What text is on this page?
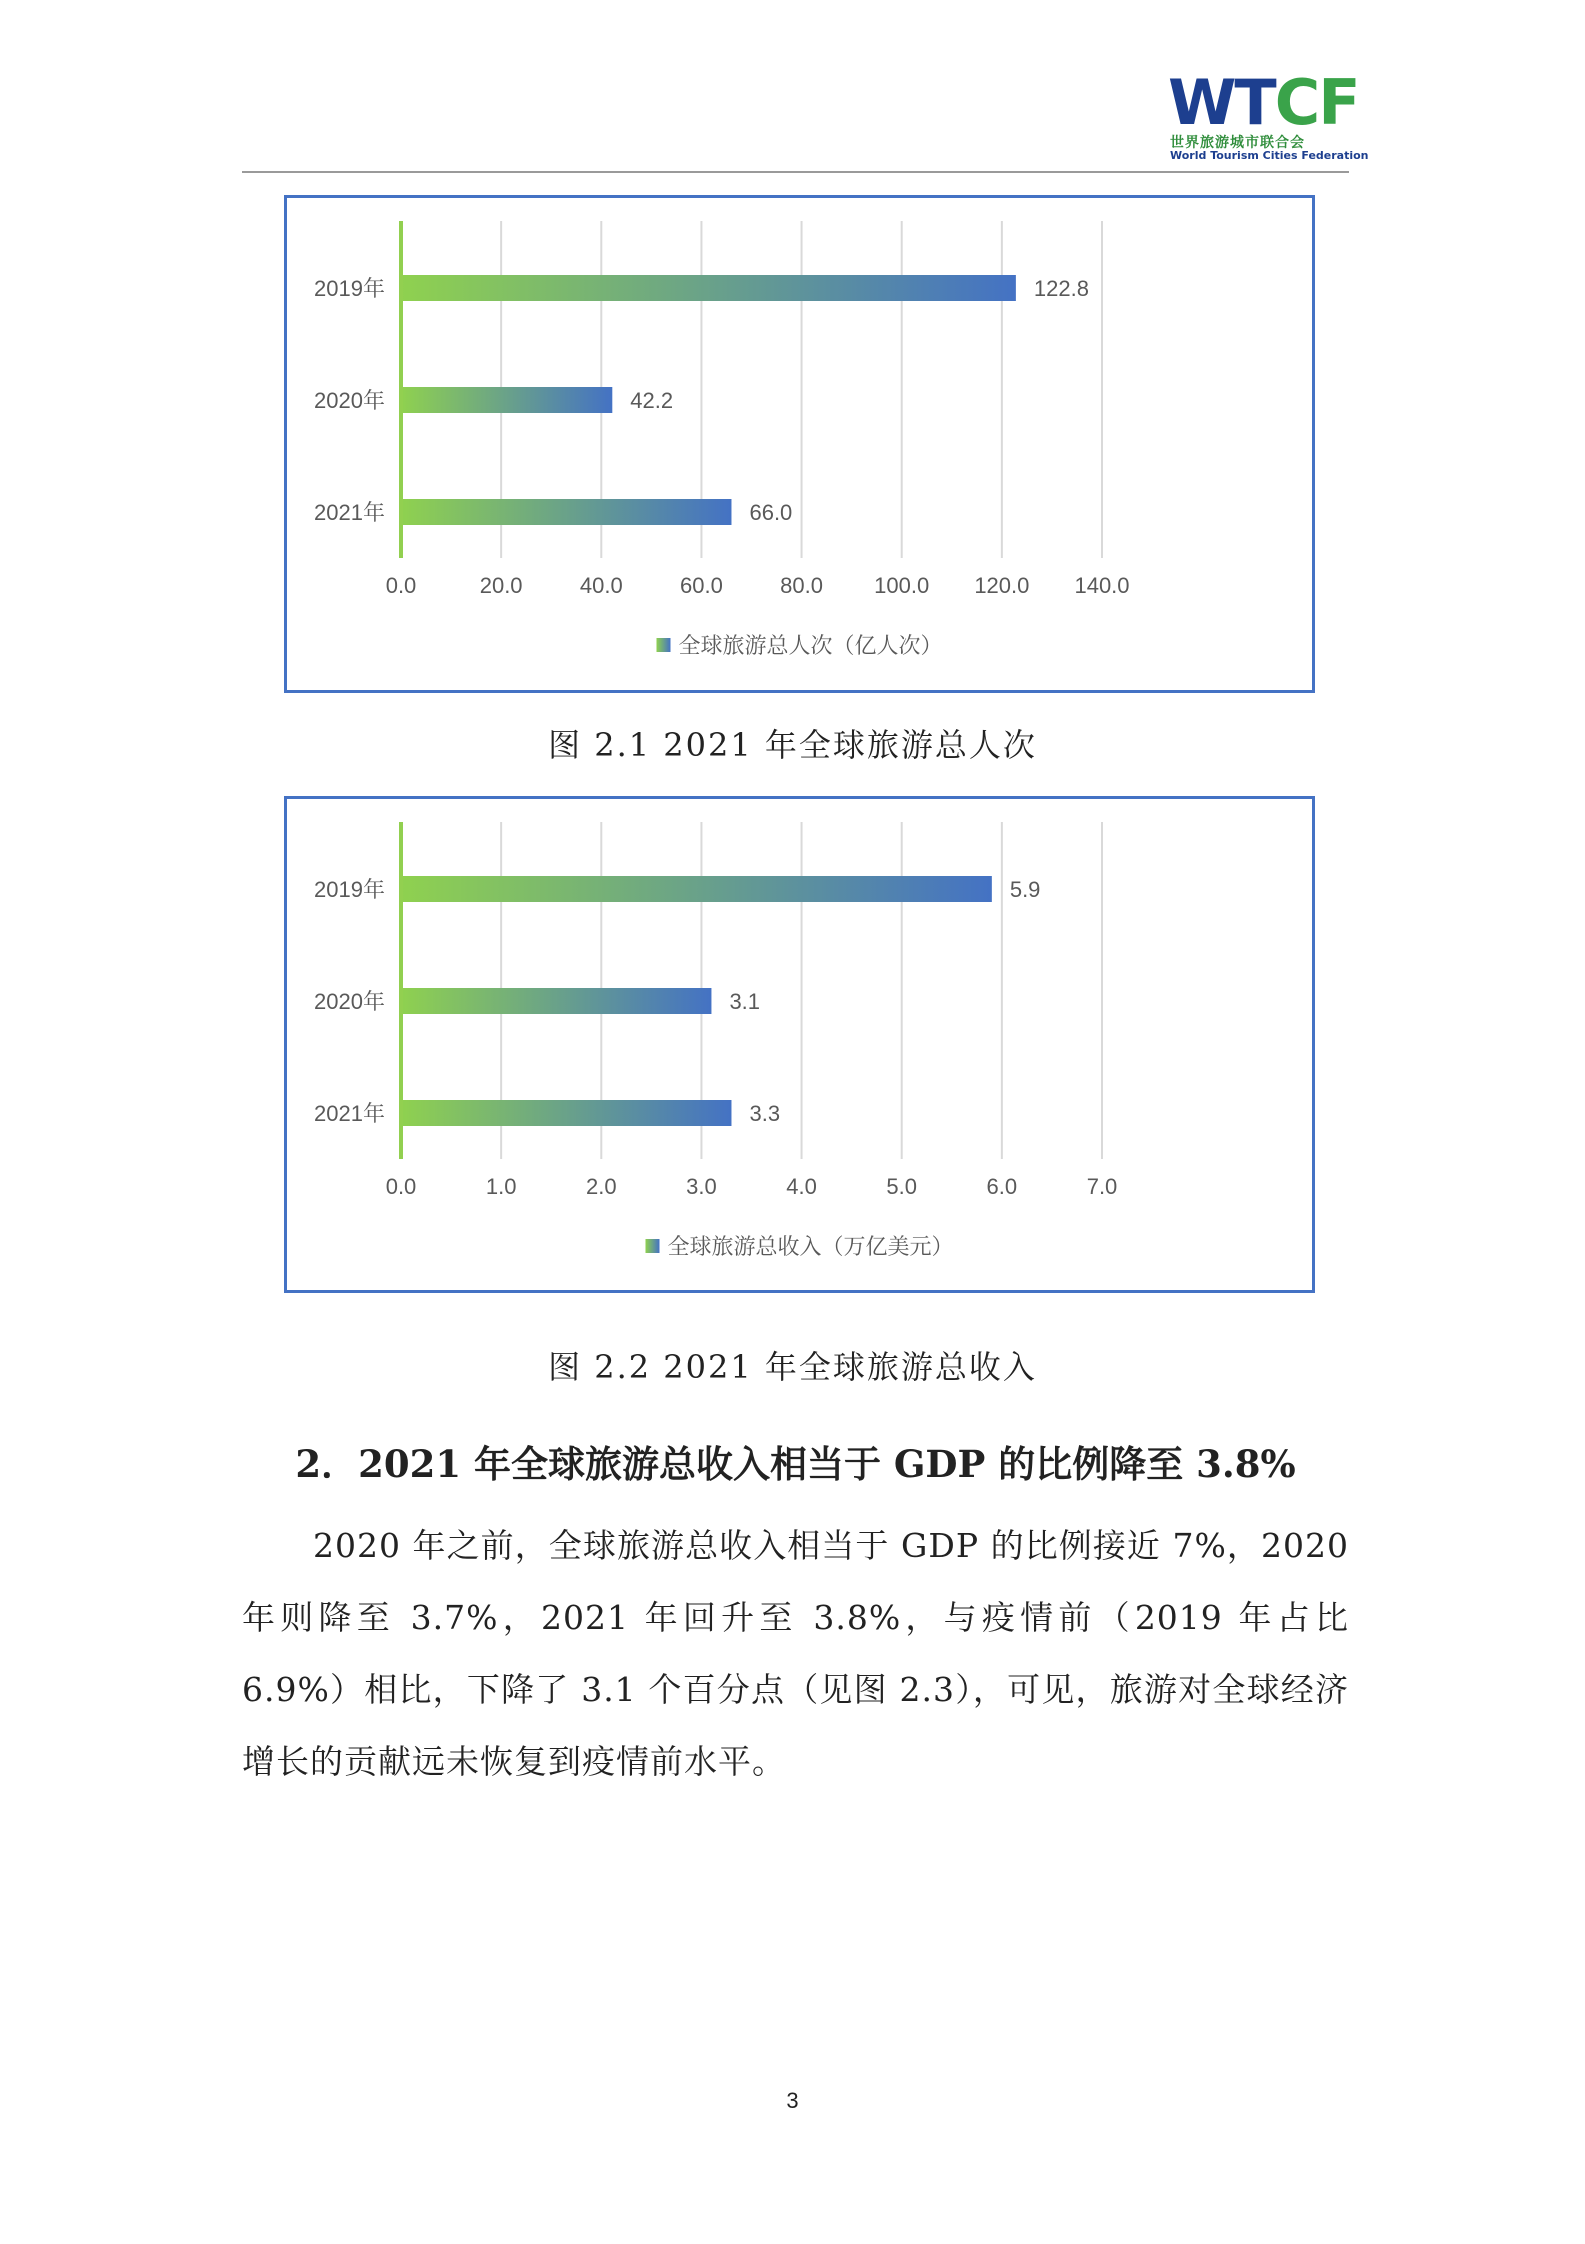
WTCF
世界旅游城市联合会
World Tourism Cities Federation
0.0	20.0	40.0	60.0	80.0 100.0 120.0 140.0
2019年	122.8
2020年	42.2
2021年	66.0
全球旅游总人次（亿人次）
图 2.1 2021 年全球旅游总人次
0.0	1.0	2.0	3.0	4.0	5.0	6.0	7.0
2019年	5.9
2020年	3.1
2021年	3.3
全球旅游总收入（万亿美元）
图 2.2 2021 年全球旅游总收入
2．2021 年全球旅游总收入相当于 GDP 的比例降至 3.8%
2020 年之前，全球旅游总收入相当于 GDP 的比例接近 7%，2020 年则降至 3.7%，2021 年回升至 3.8%，与疫情前（2019 年占比 6.9%）相比，下降了 3.1 个百分点（见图 2.3），可见，旅游对全球经济增长的贡献远未恢复到疫情前水平。
3
